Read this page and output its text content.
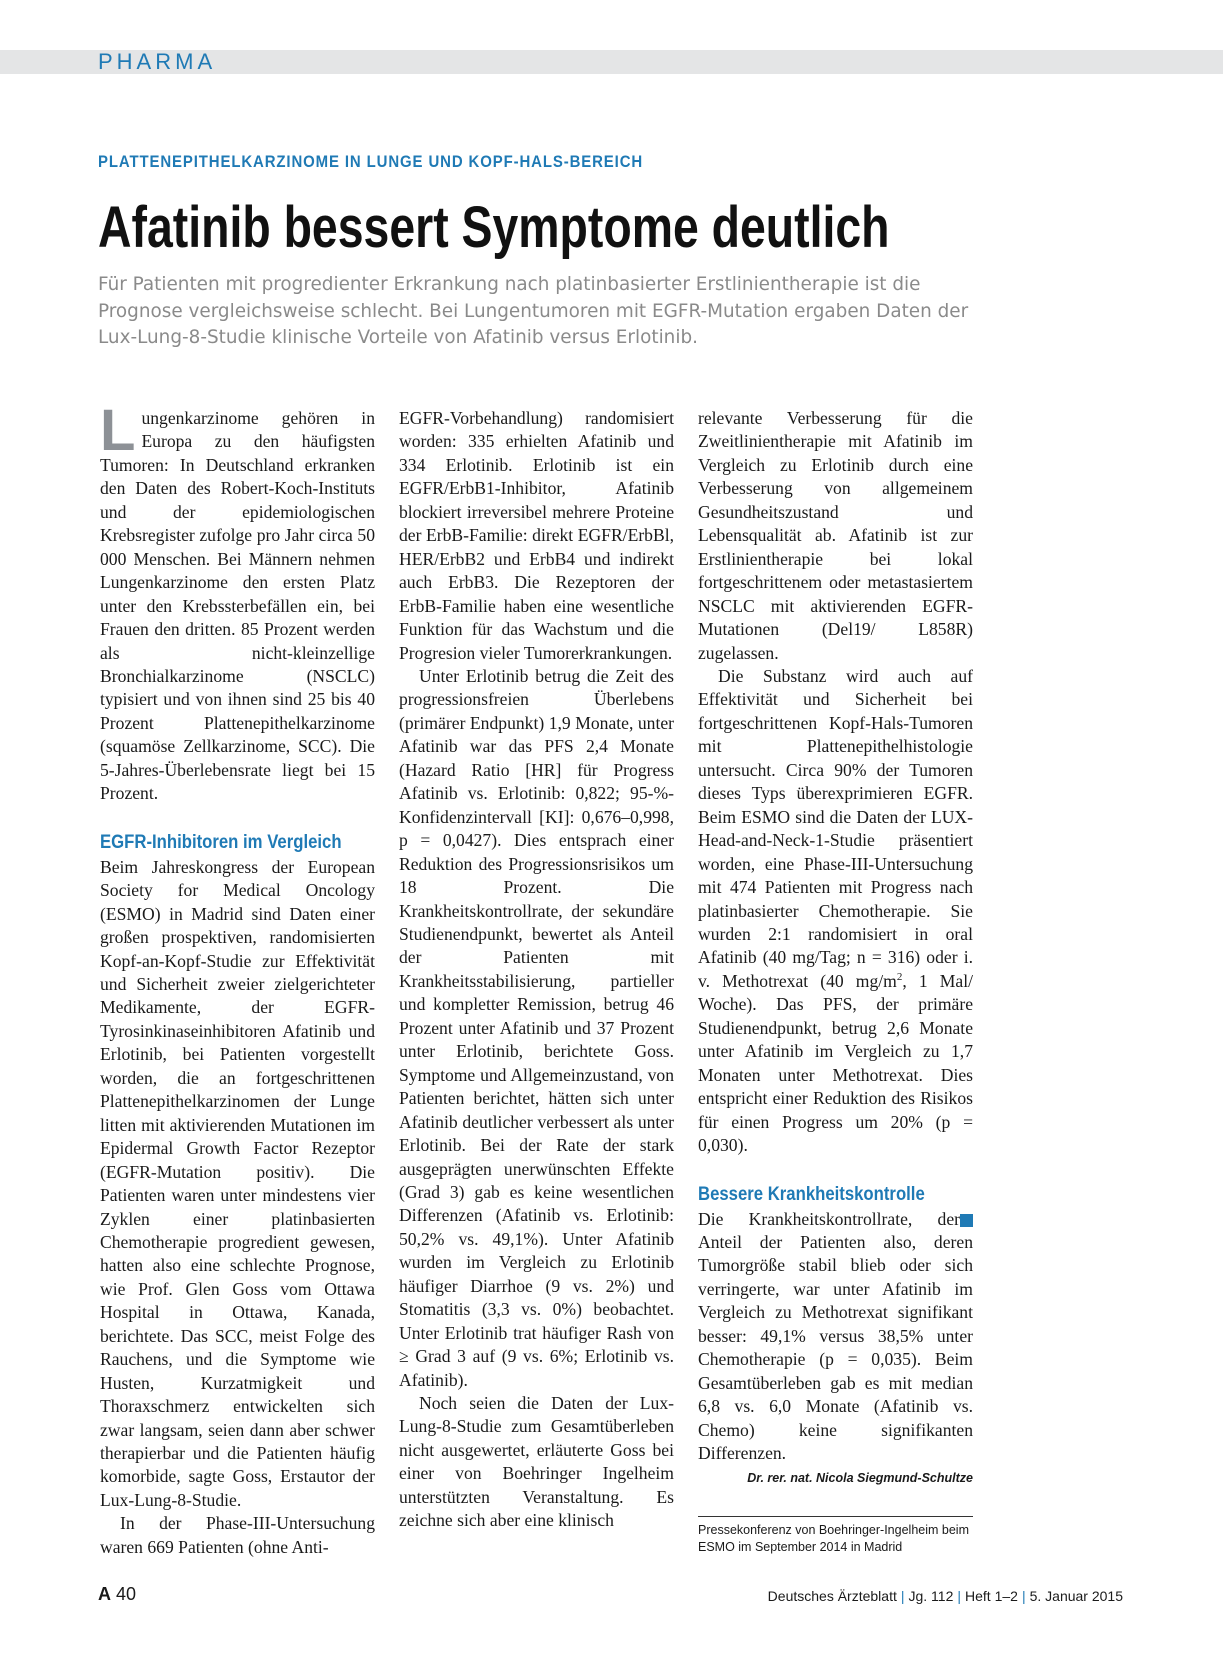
PHARMA
PLATTENEPITHELKARZINOME IN LUNGE UND KOPF-HALS-BEREICH
Afatinib bessert Symptome deutlich
Für Patienten mit progredienter Erkrankung nach platinbasierter Erstlinientherapie ist die Prognose vergleichsweise schlecht. Bei Lungentumoren mit EGFR-Mutation ergaben Daten der Lux-Lung-8-Studie klinische Vorteile von Afatinib versus Erlotinib.

Lungenkarzinome gehören in Europa zu den häufigsten Tumoren: In Deutschland erkranken den Daten des Robert-Koch-Instituts und der epidemiologischen Krebsregister zufolge pro Jahr circa 50 000 Menschen. Bei Männern nehmen Lungenkarzinome den ersten Platz unter den Krebssterbefällen ein, bei Frauen den dritten. 85 Prozent werden als nicht-kleinzellige Bronchialkarzinome (NSCLC) typisiert und von ihnen sind 25 bis 40 Prozent Plattenepithelkarzinome (squamöse Zellkarzinome, SCC). Die 5-Jahres-Überlebensrate liegt bei 15 Prozent.

EGFR-Inhibitoren im Vergleich

Beim Jahreskongress der European Society for Medical Oncology (ESMO) in Madrid sind Daten einer großen prospektiven, randomisierten Kopf-an-Kopf-Studie zur Effektivität und Sicherheit zweier zielgerichteter Medikamente, der EGFR-Tyrosinkinaseinhibitoren Afatinib und Erlotinib, bei Patienten vorgestellt worden, die an fortgeschrittenen Plattenepithelkarzinomen der Lunge litten mit aktivierenden Mutationen im Epidermal Growth Factor Rezeptor (EGFR-Mutation positiv). Die Patienten waren unter mindestens vier Zyklen einer platinbasierten Chemotherapie progredient gewesen, hatten also eine schlechte Prognose, wie Prof. Glen Goss vom Ottawa Hospital in Ottawa, Kanada, berichtete. Das SCC, meist Folge des Rauchens, und die Symptome wie Husten, Kurzatmigkeit und Thoraxschmerz entwickelten sich zwar langsam, seien dann aber schwer therapierbar und die Patienten häufig komorbide, sagte Goss, Erstautor der Lux-Lung-8-Studie.

In der Phase-III-Untersuchung waren 669 Patienten (ohne Anti-

EGFR-Vorbehandlung) randomisiert worden: 335 erhielten Afatinib und 334 Erlotinib. Erlotinib ist ein EGFR/ErbB1-Inhibitor, Afatinib blockiert irreversibel mehrere Proteine der ErbB-Familie: direkt EGFR/ErbBl, HER/ErbB2 und ErbB4 und indirekt auch ErbB3. Die Rezeptoren der ErbB-Familie haben eine wesentliche Funktion für das Wachstum und die Progresion vieler Tumorerkrankungen.

Unter Erlotinib betrug die Zeit des progressionsfreien Überlebens (primärer Endpunkt) 1,9 Monate, unter Afatinib war das PFS 2,4 Monate (Hazard Ratio [HR] für Progress Afatinib vs. Erlotinib: 0,822; 95-%-Konfidenzintervall [KI]: 0,676–0,998, p = 0,0427). Dies entsprach einer Reduktion des Progressionsrisikos um 18 Prozent. Die Krankheitskontrollrate, der sekundäre Studienendpunkt, bewertet als Anteil der Patienten mit Krankheitsstabilisierung, partieller und kompletter Remission, betrug 46 Prozent unter Afatinib und 37 Prozent unter Erlotinib, berichtete Goss. Symptome und Allgemeinzustand, von Patienten berichtet, hätten sich unter Afatinib deutlicher verbessert als unter Erlotinib. Bei der Rate der stark ausgeprägten unerwünschten Effekte (Grad 3) gab es keine wesentlichen Differenzen (Afatinib vs. Erlotinib: 50,2% vs. 49,1%). Unter Afatinib wurden im Vergleich zu Erlotinib häufiger Diarrhoe (9 vs. 2%) und Stomatitis (3,3 vs. 0%) beobachtet. Unter Erlotinib trat häufiger Rash von ≥ Grad 3 auf (9 vs. 6%; Erlotinib vs. Afatinib).

Noch seien die Daten der Lux-Lung-8-Studie zum Gesamtüberleben nicht ausgewertet, erläuterte Goss bei einer von Boehringer Ingelheim unterstützten Veranstaltung. Es zeichne sich aber eine klinisch

relevante Verbesserung für die Zweitlinientherapie mit Afatinib im Vergleich zu Erlotinib durch eine Verbesserung von allgemeinem Gesundheitszustand und Lebensqualität ab. Afatinib ist zur Erstlinientherapie bei lokal fortgeschrittenem oder metastasiertem NSCLC mit aktivierenden EGFR-Mutationen (Del19/ L858R) zugelassen.

Die Substanz wird auch auf Effektivität und Sicherheit bei fortgeschrittenen Kopf-Hals-Tumoren mit Plattenepithelhistologie untersucht. Circa 90% der Tumoren dieses Typs überexprimieren EGFR. Beim ESMO sind die Daten der LUX-Head-and-Neck-1-Studie präsentiert worden, eine Phase-III-Untersuchung mit 474 Patienten mit Progress nach platinbasierter Chemotherapie. Sie wurden 2:1 randomisiert in oral Afatinib (40 mg/Tag; n = 316) oder i. v. Methotrexat (40 $mg/m^2$, 1 Mal/ Woche). Das PFS, der primäre Studienendpunkt, betrug 2,6 Monate unter Afatinib im Vergleich zu 1,7 Monaten unter Methotrexat. Dies entspricht einer Reduktion des Risikos für einen Progress um 20% (p = 0,030).

Bessere Krankheitskontrolle

Die Krankheitskontrollrate, der Anteil der Patienten also, deren Tumorgröße stabil blieb oder sich verringerte, war unter Afatinib im Vergleich zu Methotrexat signifikant besser: 49,1% versus 38,5% unter Chemotherapie (p = 0,035). Beim Gesamtüberleben gab es mit median 6,8 vs. 6,0 Monate (Afatinib vs. Chemo) keine signifikanten Differenzen.

Dr. rer. nat. Nicola Siegmund-Schultze
Pressekonferenz von Boehringer-Ingelheim beim ESMO im September 2014 in Madrid
A 40	Deutsches Ärzteblatt | Jg. 112 | Heft 1–2 | 5. Januar 2015
